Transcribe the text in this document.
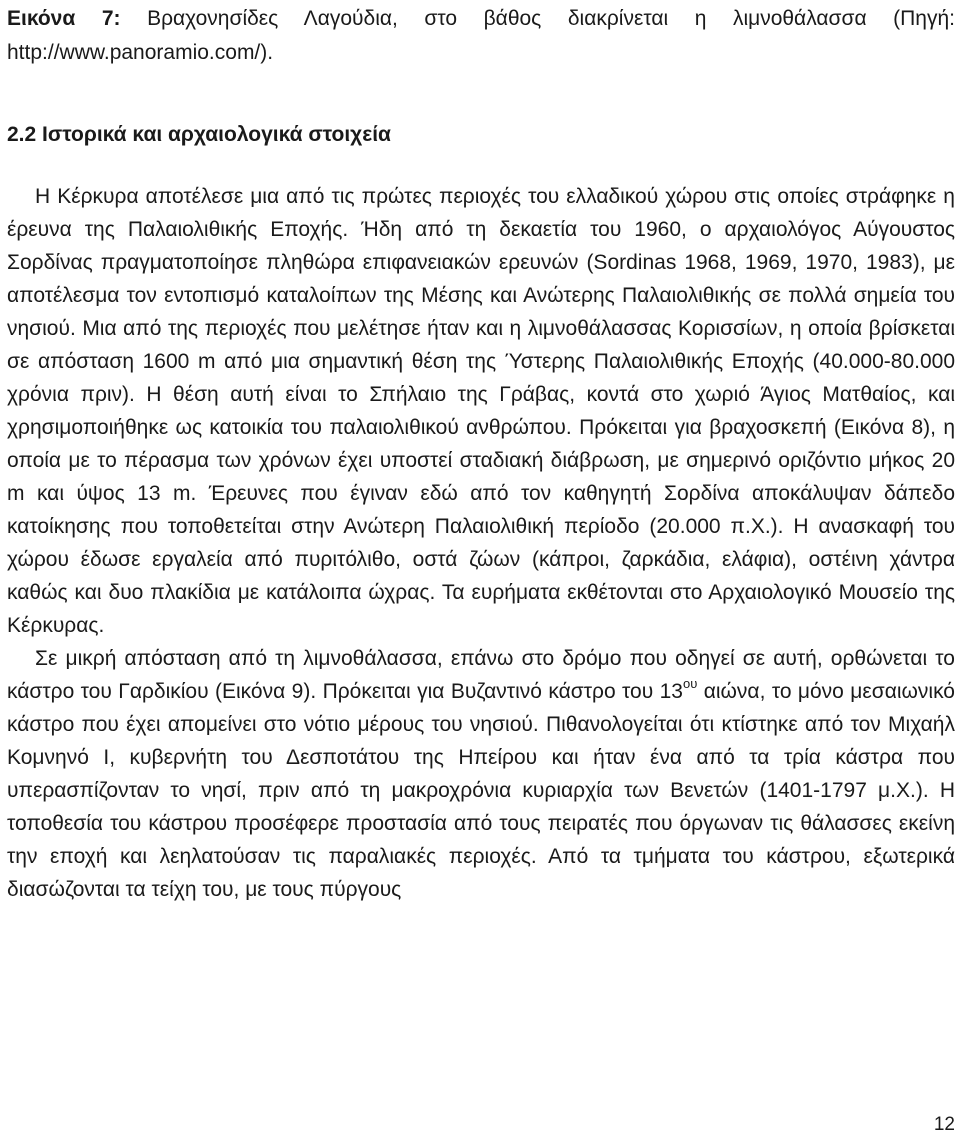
Εικόνα 7: Βραχονησίδες Λαγούδια, στο βάθος διακρίνεται η λιμνοθάλασσα (Πηγή: http://www.panoramio.com/).

2.2 Ιστορικά και αρχαιολογικά στοιχεία

Η Κέρκυρα αποτέλεσε μια από τις πρώτες περιοχές του ελλαδικού χώρου στις οποίες στράφηκε η έρευνα της Παλαιολιθικής Εποχής. Ήδη από τη δεκαετία του 1960, ο αρχαιολόγος Αύγουστος Σορδίνας πραγματοποίησε πληθώρα επιφανειακών ερευνών (Sordinas 1968, 1969, 1970, 1983), με αποτέλεσμα τον εντοπισμό καταλοίπων της Μέσης και Ανώτερης Παλαιολιθικής σε πολλά σημεία του νησιού. Μια από της περιοχές που μελέτησε ήταν και η λιμνοθάλασσας Κορισσίων, η οποία βρίσκεται σε απόσταση 1600 m από μια σημαντική θέση της Ύστερης Παλαιολιθικής Εποχής (40.000-80.000 χρόνια πριν). Η θέση αυτή είναι το Σπήλαιο της Γράβας, κοντά στο χωριό Άγιος Ματθαίος, και χρησιμοποιήθηκε ως κατοικία του παλαιολιθικού ανθρώπου. Πρόκειται για βραχοσκεπή (Εικόνα 8), η οποία με το πέρασμα των χρόνων έχει υποστεί σταδιακή διάβρωση, με σημερινό οριζόντιο μήκος 20 m και ύψος 13 m. Έρευνες που έγιναν εδώ από τον καθηγητή Σορδίνα αποκάλυψαν δάπεδο κατοίκησης που τοποθετείται στην Ανώτερη Παλαιολιθική περίοδο (20.000 π.Χ.). Η ανασκαφή του χώρου έδωσε εργαλεία από πυριτόλιθο, οστά ζώων (κάπροι, ζαρκάδια, ελάφια), οστέινη χάντρα καθώς και δυο πλακίδια με κατάλοιπα ώχρας. Τα ευρήματα εκθέτονται στο Αρχαιολογικό Μουσείο της Κέρκυρας.

Σε μικρή απόσταση από τη λιμνοθάλασσα, επάνω στο δρόμο που οδηγεί σε αυτή, ορθώνεται το κάστρο του Γαρδικίου (Εικόνα 9). Πρόκειται για Βυζαντινό κάστρο του $13^{o\upsilon}$ αιώνα, το μόνο μεσαιωνικό κάστρο που έχει απομείνει στο νότιο μέρους του νησιού. Πιθανολογείται ότι κτίστηκε από τον Μιχαήλ Κομνηνό Ι, κυβερνήτη του Δεσποτάτου της Ηπείρου και ήταν ένα από τα τρία κάστρα που υπερασπίζονταν το νησί, πριν από τη μακροχρόνια κυριαρχία των Βενετών (1401-1797 μ.Χ.). Η τοποθεσία του κάστρου προσέφερε προστασία από τους πειρατές που όργωναν τις θάλασσες εκείνη την εποχή και λεηλατούσαν τις παραλιακές περιοχές. Από τα τμήματα του κάστρου, εξωτερικά διασώζονται τα τείχη του, με τους πύργους

12
